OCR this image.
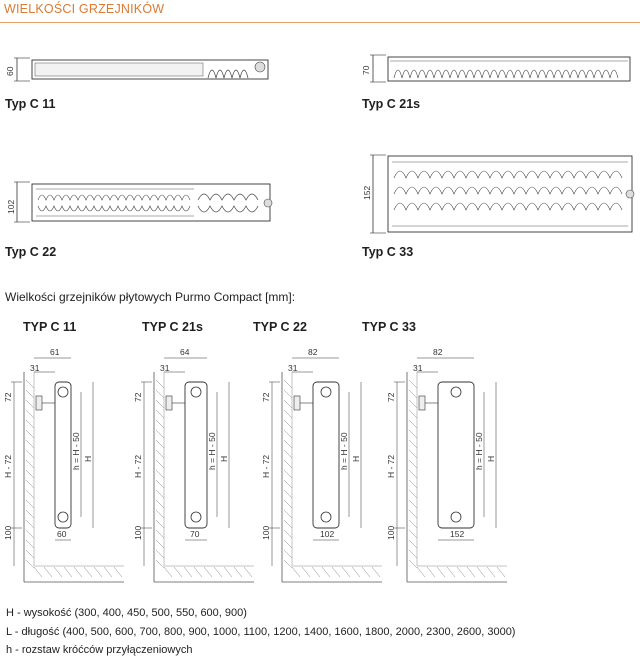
WIELKOŚCI GRZEJNIKÓW
60	70
102
152
72
H - 72
100
h = H - 50 H
61
31
60
72
H - 72
100
h = H - 50 H
64
31
70
72
H - 72
100
h = H - 50 H
82
31
102
72
H - 72
100
h = H - 50 H
82
31
152
Typ C 11	Typ C 21s
Typ C 22	Typ C 33
Wielkości grzejników płytowych Purmo Compact [mm]:
TYP C 11	TYP C 21s	TYP C 22	TYP C 33
H - wysokość (300, 400, 450, 500, 550, 600, 900)
L - długość (400, 500, 600, 700, 800, 900, 1000, 1100, 1200, 1400, 1600, 1800, 2000, 2300, 2600, 3000)
h - rozstaw króćców przyłączeniowych
